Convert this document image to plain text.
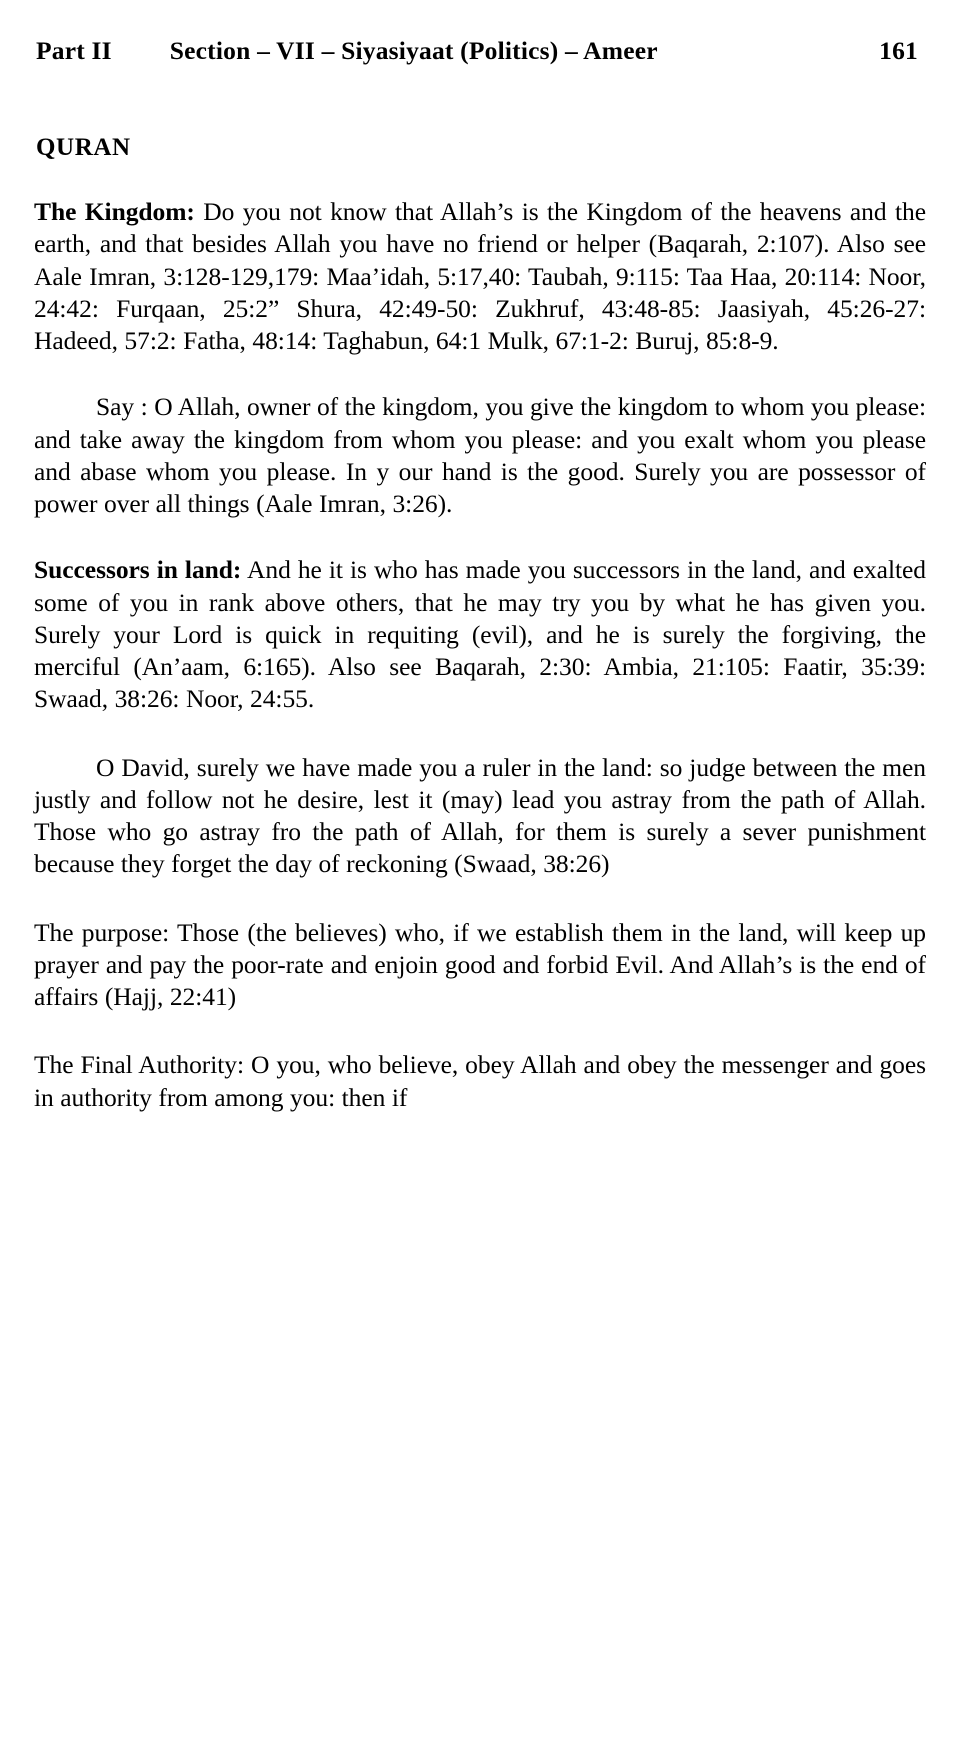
Part II Section – VII – Siyasiyaat (Politics) – Ameer	161
QURAN

The Kingdom: Do you not know that Allah’s is the Kingdom of the heavens and the earth, and that besides Allah you have no friend or helper (Baqarah, 2:107). Also see Aale Imran, 3:128-129,179: Maa’idah, 5:17,40: Taubah, 9:115: Taa Haa, 20:114: Noor, 24:42: Furqaan, 25:2” Shura, 42:49-50: Zukhruf, 43:48-85: Jaasiyah, 45:26-27: Hadeed, 57:2: Fatha, 48:14: Taghabun, 64:1 Mulk, 67:1-2: Buruj, 85:8-9.

Say : O Allah, owner of the kingdom, you give the kingdom to whom you please: and take away the kingdom from whom you please: and you exalt whom you please and abase whom you please. In y our hand is the good. Surely you are possessor of power over all things (Aale Imran, 3:26).

Successors in land: And he it is who has made you successors in the land, and exalted some of you in rank above others, that he may try you by what he has given you. Surely your Lord is quick in requiting (evil), and he is surely the forgiving, the merciful (An’aam, 6:165). Also see Baqarah, 2:30: Ambia, 21:105: Faatir, 35:39: Swaad, 38:26: Noor, 24:55.

O David, surely we have made you a ruler in the land: so judge between the men justly and follow not he desire, lest it (may) lead you astray from the path of Allah. Those who go astray fro the path of Allah, for them is surely a sever punishment because they forget the day of reckoning (Swaad, 38:26)

The purpose: Those (the believes) who, if we establish them in the land, will keep up prayer and pay the poor-rate and enjoin good and forbid Evil. And Allah’s is the end of affairs (Hajj, 22:41)

The Final Authority: O you, who believe, obey Allah and obey the messenger and goes in authority from among you: then if
